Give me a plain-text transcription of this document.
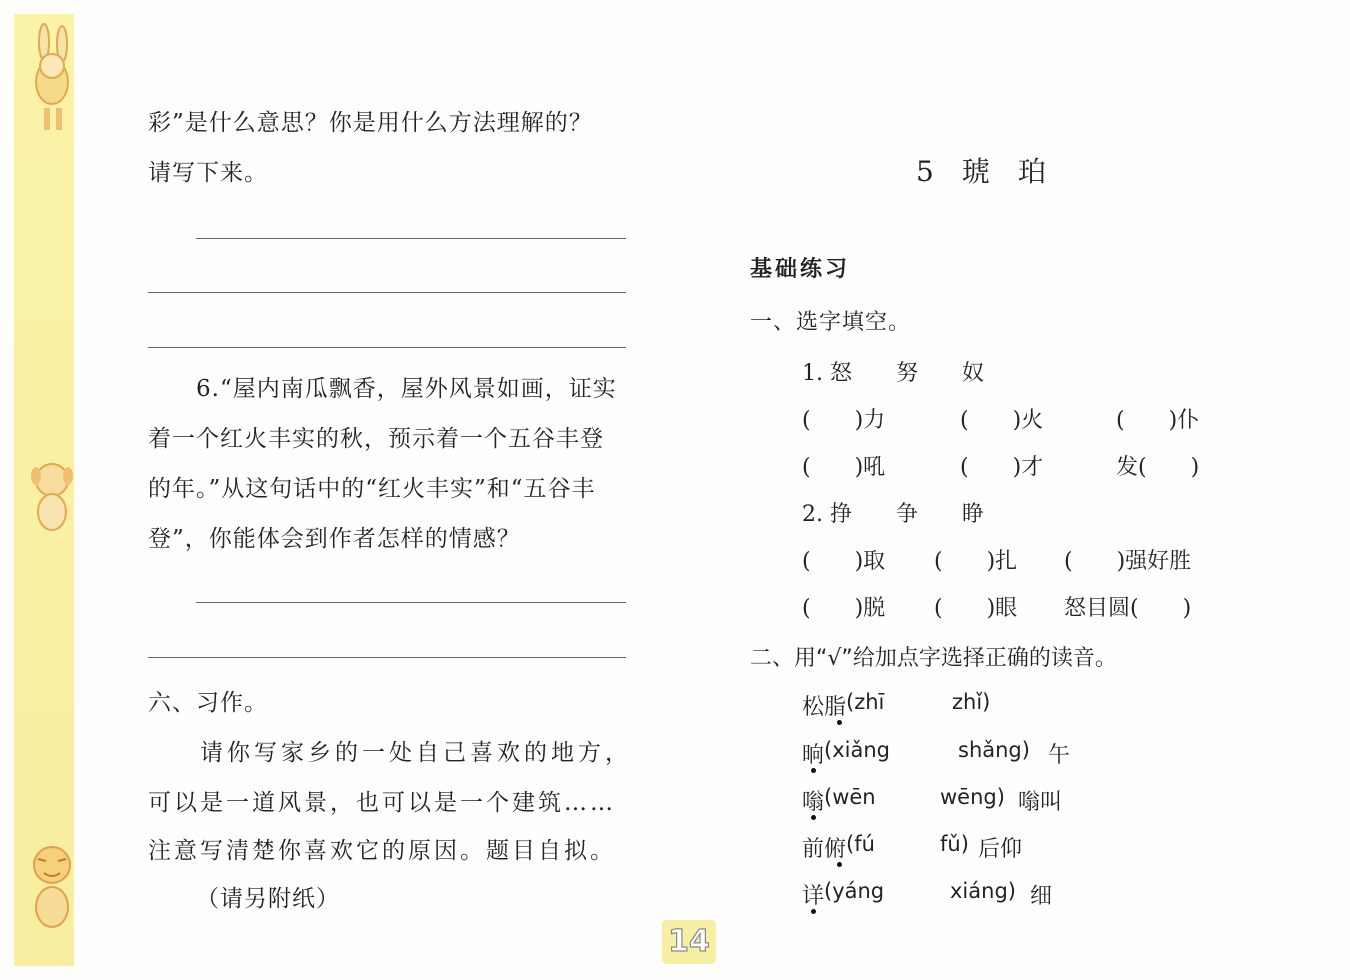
彩”是什么意思？你是用什么方法理解的？
请写下来。
6.“屋内南瓜飘香，屋外风景如画，证实
着一个红火丰实的秋，预示着一个五谷丰登
的年。”从这句话中的“红火丰实”和“五谷丰
登”，你能体会到作者怎样的情感？
六、习作。
请你写家乡的一处自己喜欢的地方，
可以是一道风景，也可以是一个建筑……
注意写清楚你喜欢它的原因。题目自拟。
（请另附纸）
5　琥　珀
基础练习
一、选字填空。
1. 怒　　努　　奴
(　　)力	(　　)火	(　　)仆
(　　)吼	(　　)才	发(　　)
2. 挣　　争　　睁
(　　)取 (　　)扎 (　　)强好胜
(　　)脱 (　　)眼 怒目圆(　　)
二、用“√”给加点字选择正确的读音。
松脂 (zhī	zhǐ)
晌 (xiǎng	shǎng) 午
嗡 (wēn	wēng) 嗡叫
前俯 (fú	fǔ) 后仰
详 (yáng	xiáng) 细
14
